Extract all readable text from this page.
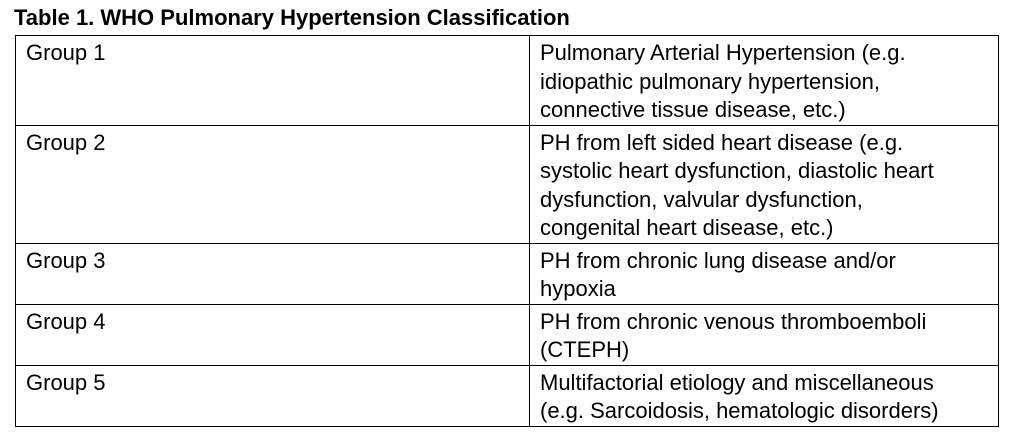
Table 1. WHO Pulmonary Hypertension Classification
Group 1	Pulmonary Arterial Hypertension (e.g.
idiopathic pulmonary hypertension,
connective tissue disease, etc.)

Group 2	PH from left sided heart disease (e.g.
systolic heart dysfunction, diastolic heart
dysfunction, valvular dysfunction,
congenital heart disease, etc.)

Group 3	PH from chronic lung disease and/or
hypoxia

Group 4	PH from chronic venous thromboemboli
(CTEPH)

Group 5	Multifactorial etiology and miscellaneous
(e.g. Sarcoidosis, hematologic disorders)
